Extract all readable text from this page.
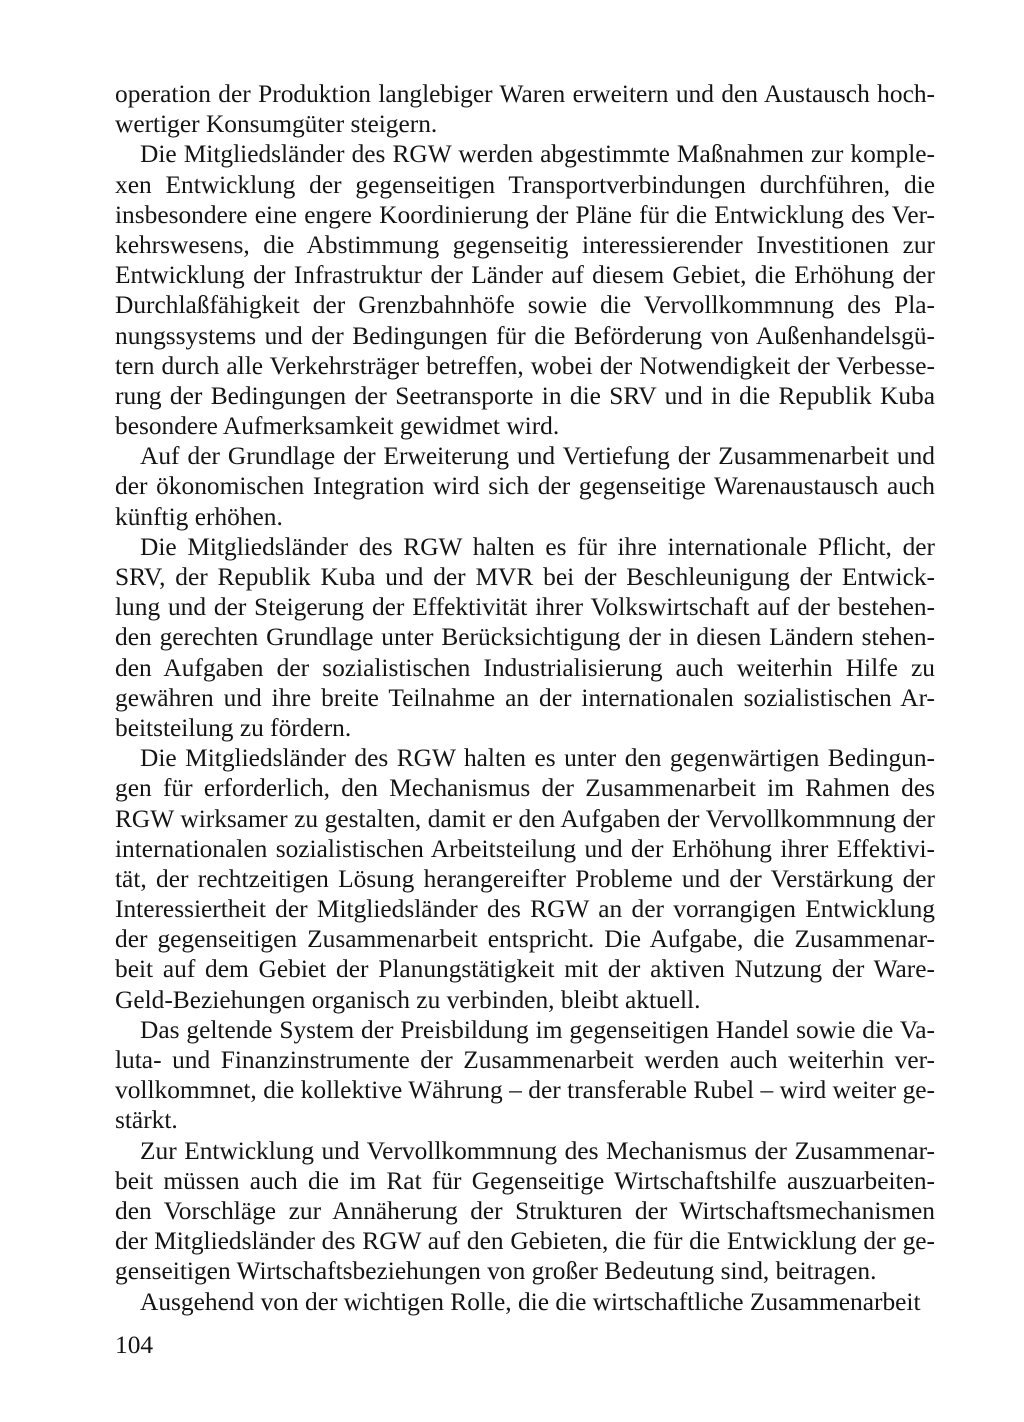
operation der Produktion langlebiger Waren erweitern und den Austausch hoch-
wertiger Konsumgüter steigern.
Die Mitgliedsländer des RGW werden abgestimmte Maßnahmen zur komple-
xen Entwicklung der gegenseitigen Transportverbindungen durchführen, die
insbesondere eine engere Koordinierung der Pläne für die Entwicklung des Ver-
kehrswesens, die Abstimmung gegenseitig interessierender Investitionen zur
Entwicklung der Infrastruktur der Länder auf diesem Gebiet, die Erhöhung der
Durchlaßfähigkeit der Grenzbahnhöfe sowie die Vervollkommnung des Pla-
nungssystems und der Bedingungen für die Beförderung von Außenhandelsgü-
tern durch alle Verkehrsträger betreffen, wobei der Notwendigkeit der Verbesse-
rung der Bedingungen der Seetransporte in die SRV und in die Republik Kuba
besondere Aufmerksamkeit gewidmet wird.
Auf der Grundlage der Erweiterung und Vertiefung der Zusammenarbeit und
der ökonomischen Integration wird sich der gegenseitige Warenaustausch auch
künftig erhöhen.
Die Mitgliedsländer des RGW halten es für ihre internationale Pflicht, der
SRV, der Republik Kuba und der MVR bei der Beschleunigung der Entwick-
lung und der Steigerung der Effektivität ihrer Volkswirtschaft auf der bestehen-
den gerechten Grundlage unter Berücksichtigung der in diesen Ländern stehen-
den Aufgaben der sozialistischen Industrialisierung auch weiterhin Hilfe zu
gewähren und ihre breite Teilnahme an der internationalen sozialistischen Ar-
beitsteilung zu fördern.
Die Mitgliedsländer des RGW halten es unter den gegenwärtigen Bedingun-
gen für erforderlich, den Mechanismus der Zusammenarbeit im Rahmen des
RGW wirksamer zu gestalten, damit er den Aufgaben der Vervollkommnung der
internationalen sozialistischen Arbeitsteilung und der Erhöhung ihrer Effektivi-
tät, der rechtzeitigen Lösung herangereifter Probleme und der Verstärkung der
Interessiertheit der Mitgliedsländer des RGW an der vorrangigen Entwicklung
der gegenseitigen Zusammenarbeit entspricht. Die Aufgabe, die Zusammenar-
beit auf dem Gebiet der Planungstätigkeit mit der aktiven Nutzung der Ware-
Geld-Beziehungen organisch zu verbinden, bleibt aktuell.
Das geltende System der Preisbildung im gegenseitigen Handel sowie die Va-
luta- und Finanzinstrumente der Zusammenarbeit werden auch weiterhin ver-
vollkommnet, die kollektive Währung – der transferable Rubel – wird weiter ge-
stärkt.
Zur Entwicklung und Vervollkommnung des Mechanismus der Zusammenar-
beit müssen auch die im Rat für Gegenseitige Wirtschaftshilfe auszuarbeiten-
den Vorschläge zur Annäherung der Strukturen der Wirtschaftsmechanismen
der Mitgliedsländer des RGW auf den Gebieten, die für die Entwicklung der ge-
genseitigen Wirtschaftsbeziehungen von großer Bedeutung sind, beitragen.
Ausgehend von der wichtigen Rolle, die die wirtschaftliche Zusammenarbeit
104
